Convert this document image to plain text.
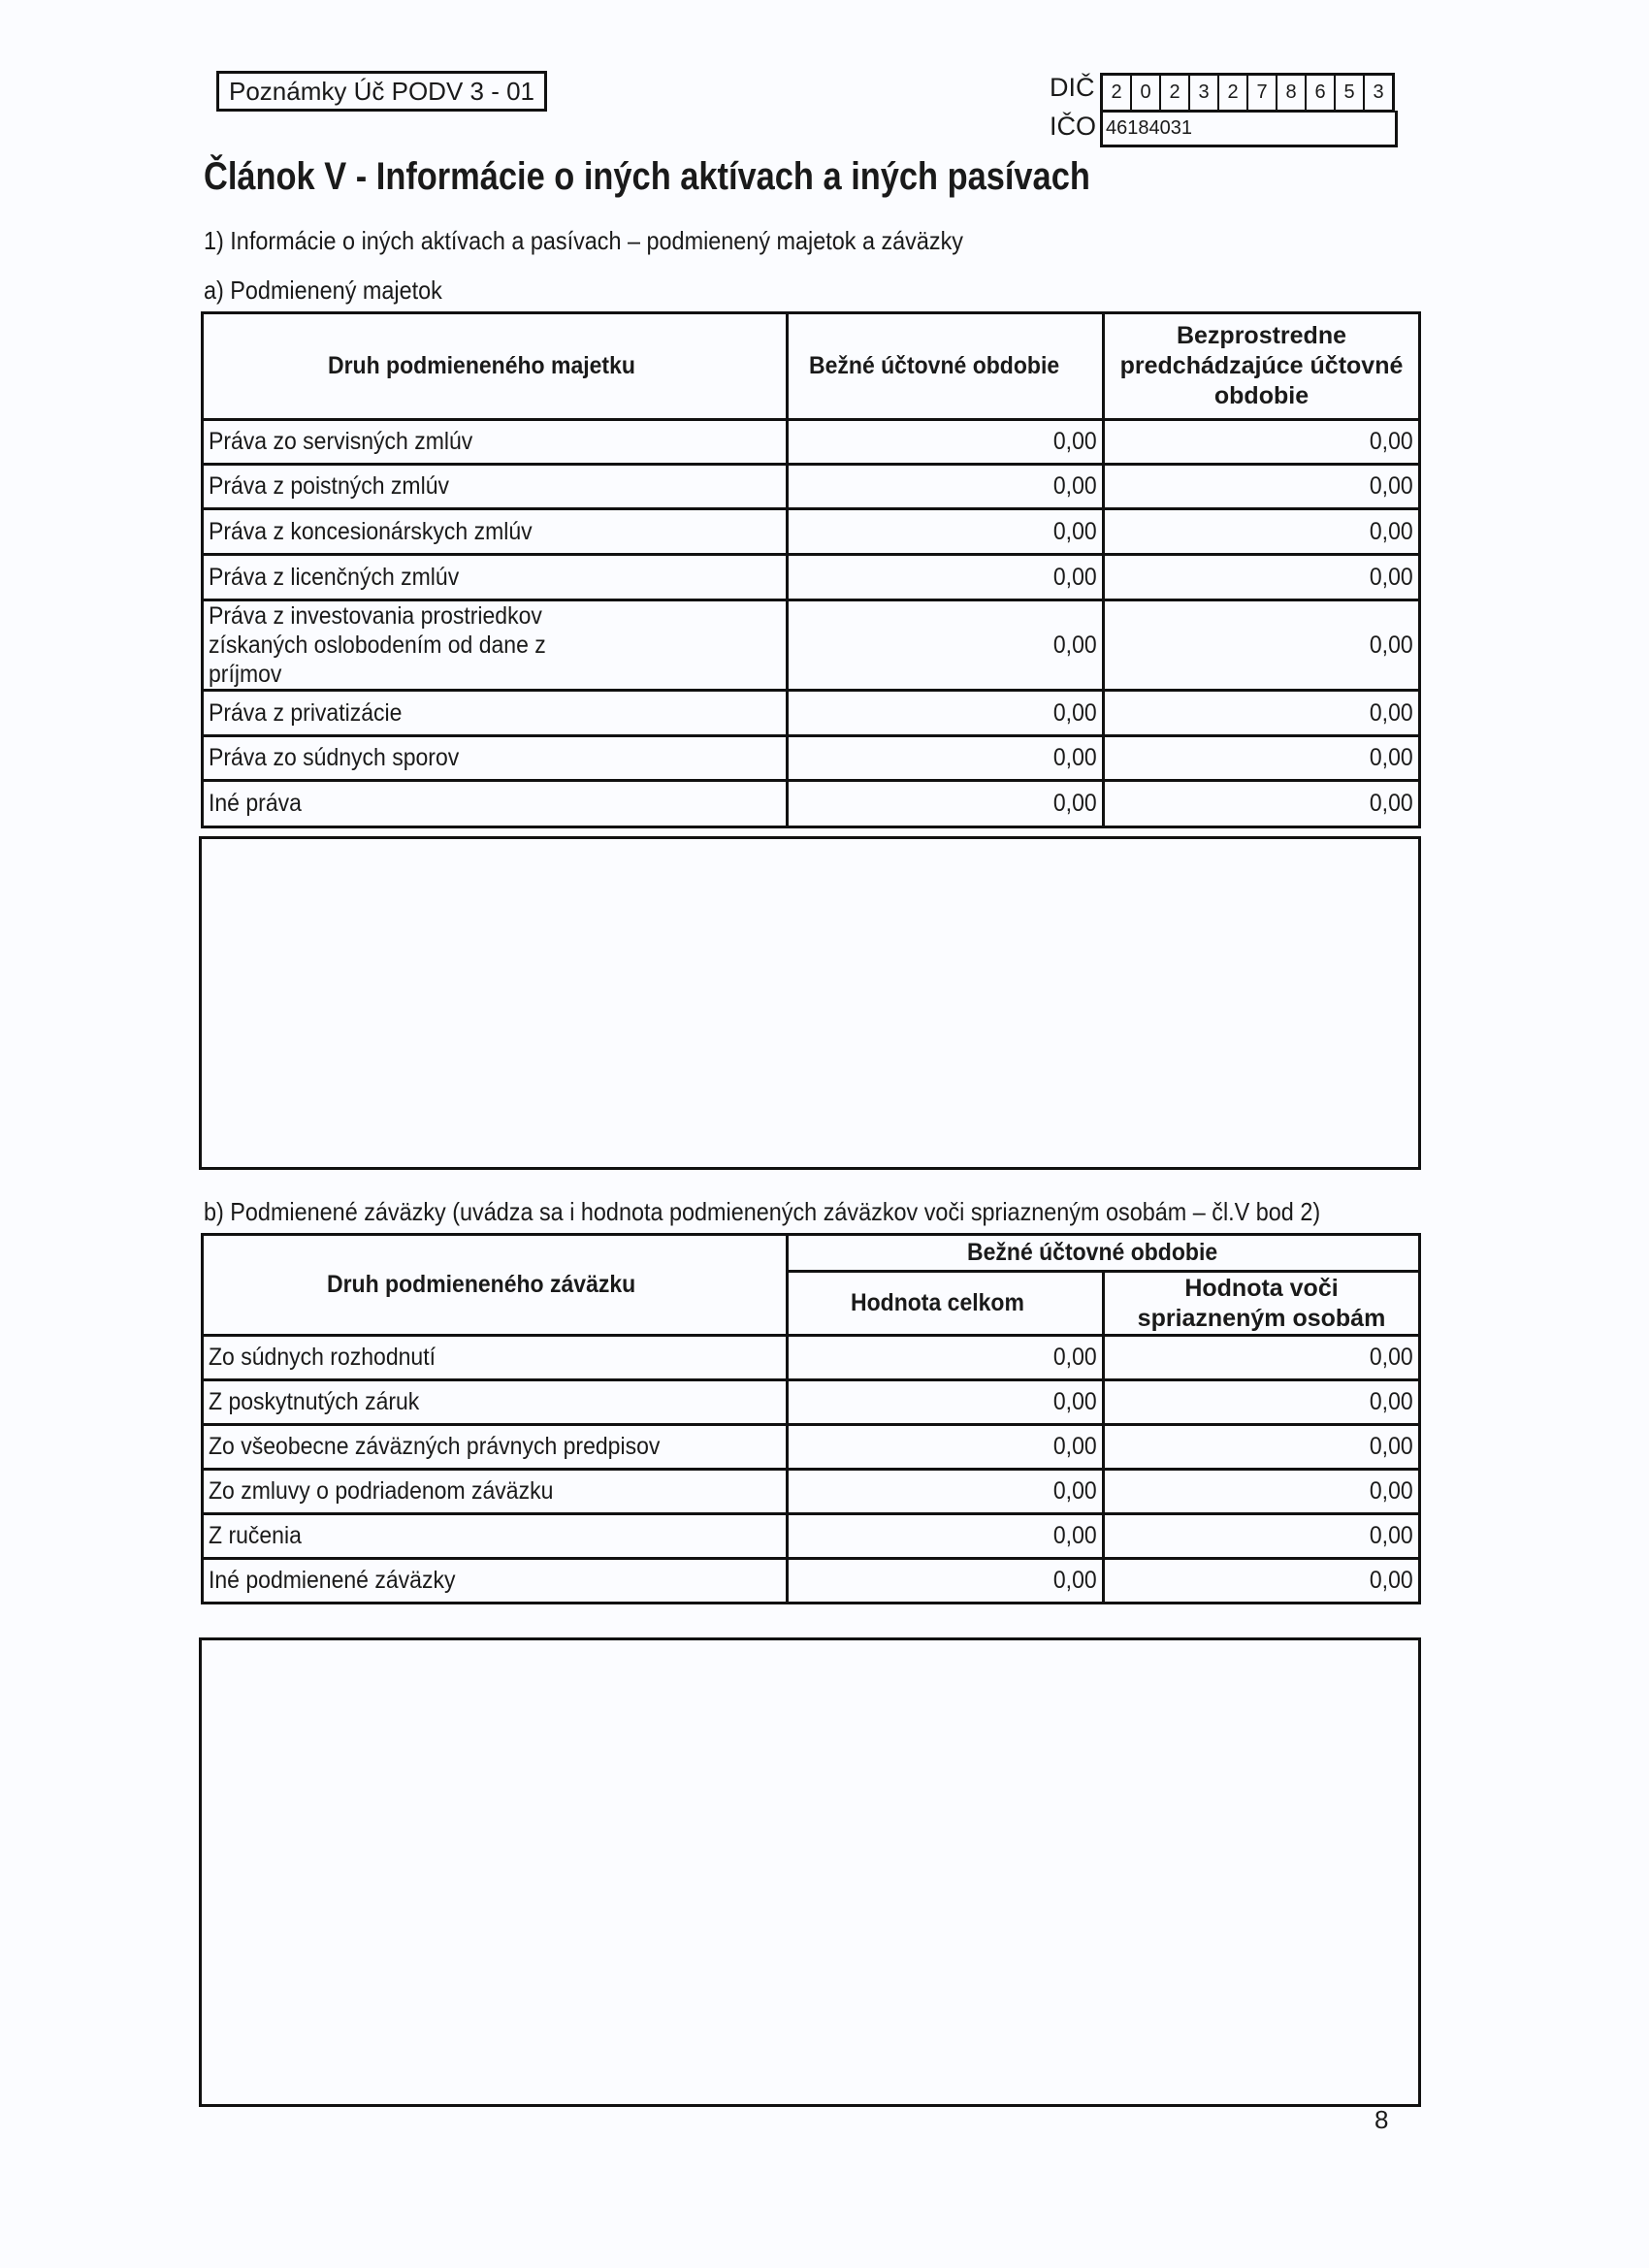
Poznámky Úč PODV 3 - 01	DIČ 2 0 2 3 2 7 8 6 5 3
IČO 46184031
Článok V - Informácie o iných aktívach a iných pasívach
1) Informácie o iných aktívach a pasívach – podmienený majetok a záväzky
a) Podmienený majetok
Druh podmieneného majetku	Bežné účtovné obdobie	Bezprostredne predchádzajúce účtovné obdobie
Práva zo servisných zmlúv	0,00	0,00
Práva z poistných zmlúv	0,00	0,00
Práva z koncesionárskych zmlúv	0,00	0,00
Práva z licenčných zmlúv	0,00	0,00
Práva z investovania prostriedkov získaných oslobodením od dane z príjmov	0,00	0,00
Práva z privatizácie	0,00	0,00
Práva zo súdnych sporov	0,00	0,00
Iné práva	0,00	0,00
b) Podmienené záväzky (uvádza sa i hodnota podmienených záväzkov voči spriazneným osobám – čl.V bod 2)
Druh podmieneného záväzku	Bežné účtovné obdobie	
	Hodnota celkom	Hodnota voči spriazneným osobám
Zo súdnych rozhodnutí	0,00	0,00
Z poskytnutých záruk	0,00	0,00
Zo všeobecne záväzných právnych predpisov	0,00	0,00
Zo zmluvy o podriadenom záväzku	0,00	0,00
Z ručenia	0,00	0,00
Iné podmienené záväzky	0,00	0,00
8
